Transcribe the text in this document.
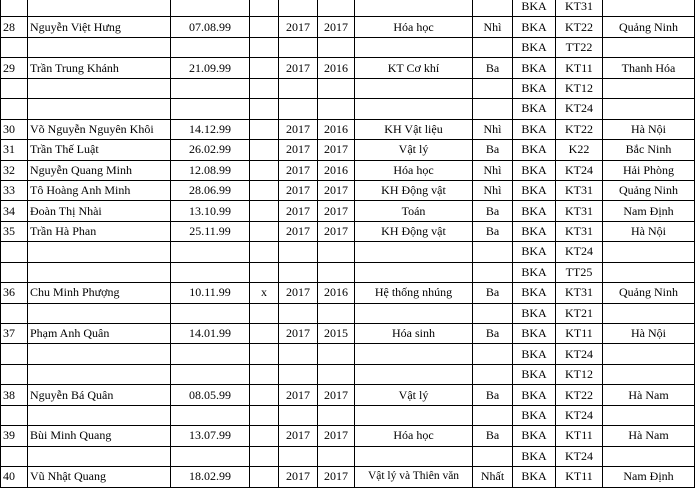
								BKA	KT31	
28	Nguyễn Việt Hưng	07.08.99		2017	2017	Hóa học	Nhì	BKA	KT22	Quảng Ninh
								BKA	TT22	
29	Trần Trung Khánh	21.09.99		2017	2016	KT Cơ khí	Ba	BKA	KT11	Thanh Hóa
								BKA	KT12	
								BKA	KT24	
30	Võ Nguyễn Nguyên Khôi	14.12.99		2017	2016	KH Vật liệu	Nhì	BKA	KT22	Hà Nội
31	Trần Thế Luật	26.02.99		2017	2017	Vật lý	Ba	BKA	K22	Bắc Ninh
32	Nguyễn Quang Minh	12.08.99		2017	2016	Hóa học	Nhì	BKA	KT24	Hải Phòng
33	Tô Hoàng Anh Minh	28.06.99		2017	2017	KH Động vật	Nhì	BKA	KT31	Quảng Ninh
34	Đoàn Thị Nhài	13.10.99		2017	2017	Toán	Ba	BKA	KT31	Nam Định
35	Trần Hà Phan	25.11.99		2017	2017	KH Động vật	Ba	BKA	KT31	Hà Nội
								BKA	KT24	
								BKA	TT25	
36	Chu Minh Phượng	10.11.99	x	2017	2016	Hệ thống nhúng	Ba	BKA	KT31	Quảng Ninh
								BKA	KT21	
37	Phạm Anh Quân	14.01.99		2017	2015	Hóa sinh	Ba	BKA	KT11	Hà Nội
								BKA	KT24	
								BKA	KT12	
38	Nguyễn Bá Quân	08.05.99		2017	2017	Vật lý	Ba	BKA	KT22	Hà Nam
								BKA	KT24	
39	Bùi Minh Quang	13.07.99		2017	2017	Hóa học	Ba	BKA	KT11	Hà Nam
								BKA	KT24	
40	Vũ Nhật Quang	18.02.99		2017	2017	Vật lý và Thiên văn	Nhất	BKA	KT11	Nam Định
